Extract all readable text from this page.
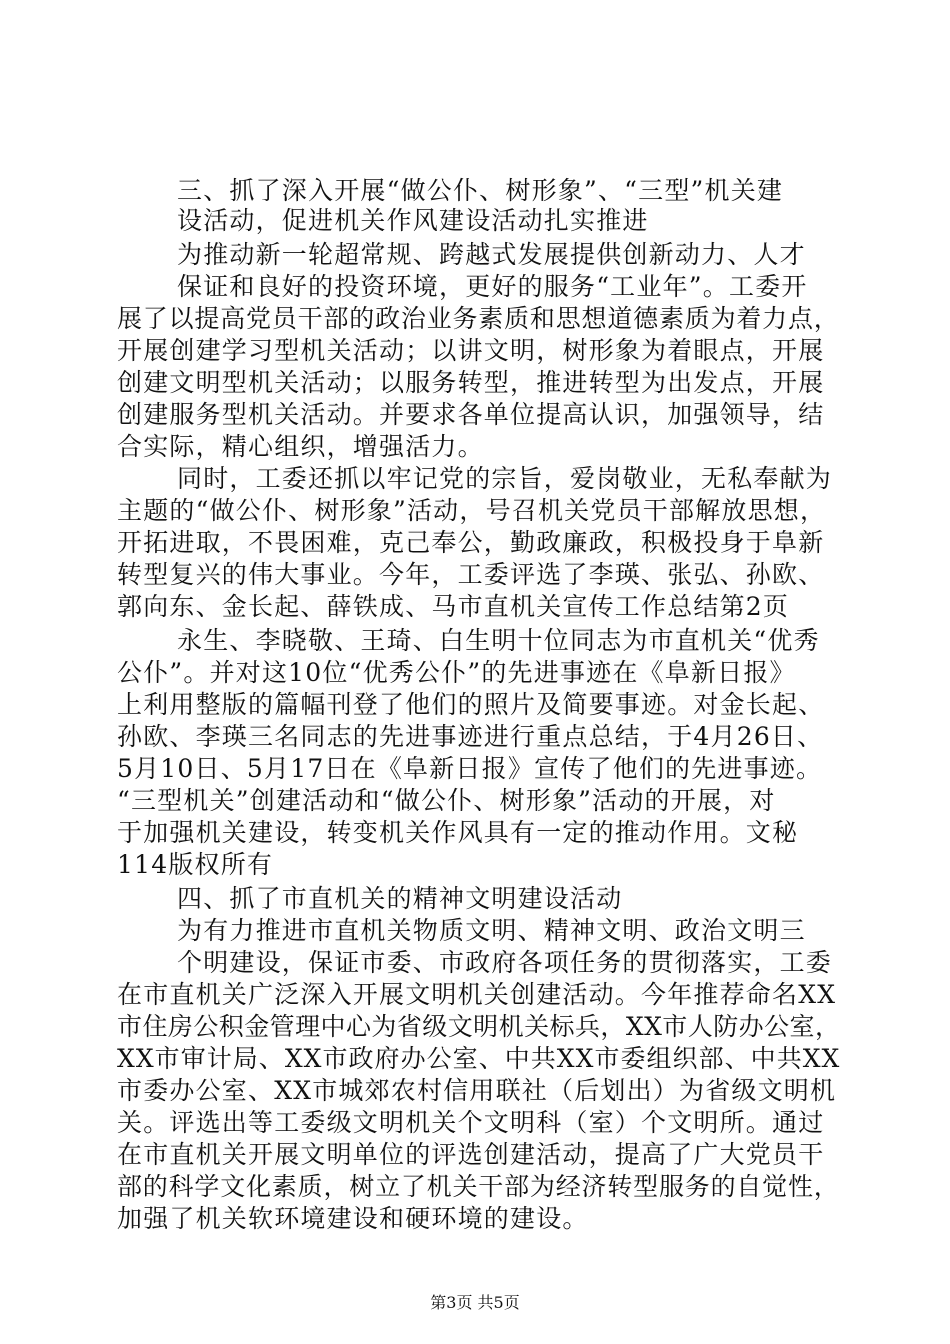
三、抓了深入开展“做公仆、树形象”、“三型”机关建
设活动，促进机关作风建设活动扎实推进
为推动新一轮超常规、跨越式发展提供创新动力、人才
保证和良好的投资环境，更好的服务“工业年”。工委开
展了以提高党员干部的政治业务素质和思想道德素质为着力点，
开展创建学习型机关活动；以讲文明，树形象为着眼点，开展
创建文明型机关活动；以服务转型，推进转型为出发点，开展
创建服务型机关活动。并要求各单位提高认识，加强领导，结
合实际，精心组织，增强活力。
同时，工委还抓以牢记党的宗旨，爱岗敬业，无私奉献为
主题的“做公仆、树形象”活动，号召机关党员干部解放思想，
开拓进取，不畏困难，克己奉公，勤政廉政，积极投身于阜新
转型复兴的伟大事业。今年，工委评选了李瑛、张弘、孙欧、
郭向东、金长起、薛铁成、马市直机关宣传工作总结第2页
永生、李晓敬、王琦、白生明十位同志为市直机关“优秀
公仆”。并对这10位“优秀公仆”的先进事迹在《阜新日报》
上利用整版的篇幅刊登了他们的照片及简要事迹。对金长起、
孙欧、李瑛三名同志的先进事迹进行重点总结，于4月26日、
5月10日、5月17日在《阜新日报》宣传了他们的先进事迹。
“三型机关”创建活动和“做公仆、树形象”活动的开展，对
于加强机关建设，转变机关作风具有一定的推动作用。文秘
114版权所有
四、抓了市直机关的精神文明建设活动
为有力推进市直机关物质文明、精神文明、政治文明三
个明建设，保证市委、市政府各项任务的贯彻落实，工委
在市直机关广泛深入开展文明机关创建活动。今年推荐命名XX
市住房公积金管理中心为省级文明机关标兵，XX市人防办公室，
XX市审计局、XX市政府办公室、中共XX市委组织部、中共XX
市委办公室、XX市城郊农村信用联社（后划出）为省级文明机
关。评选出等工委级文明机关个文明科（室）个文明所。通过
在市直机关开展文明单位的评选创建活动，提高了广大党员干
部的科学文化素质，树立了机关干部为经济转型服务的自觉性，
加强了机关软环境建设和硬环境的建设。
第3页 共5页
